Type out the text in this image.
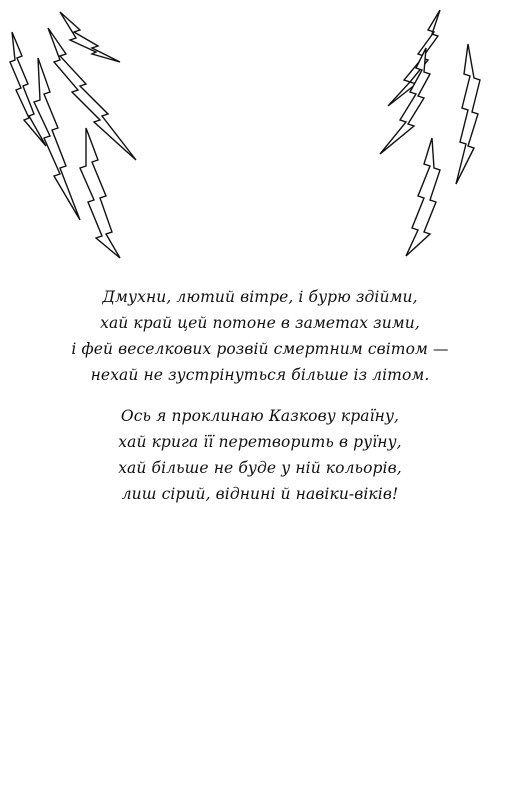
Дмухни, лютий вітре, і бурю здійми,
хай край цей потоне в заметах зими,
і фей веселкових розвій смертним світом —
нехай не зустрінуться більше із літом.
Ось я проклинаю Казкову країну,
хай крига її перетворить в руїну,
хай більше не буде у ній кольорів,
лиш сірий, віднині й навіки-віків!
